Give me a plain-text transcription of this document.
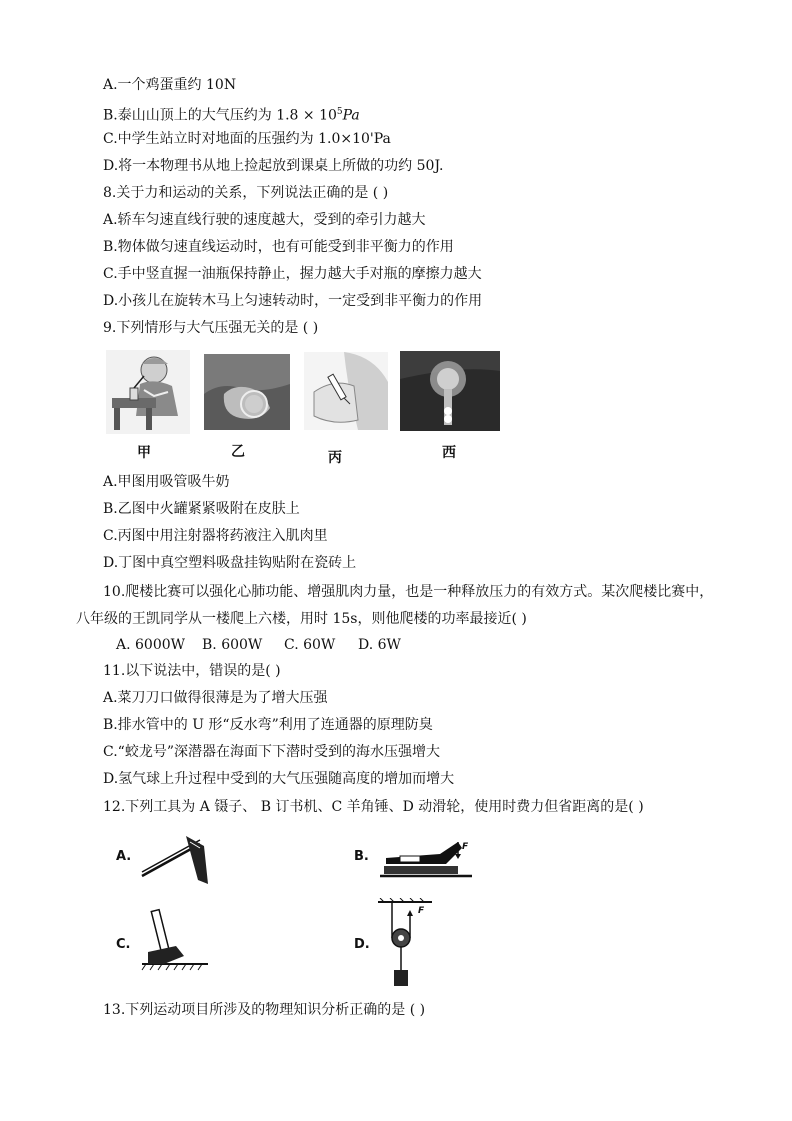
A.一个鸡蛋重约 10N
B.泰山山顶上的大气压约为 $1.8 \times 10^5Pa$
C.中学生站立时对地面的压强约为 1.0×10'Pa
D.将一本物理书从地上捡起放到课桌上所做的功约 50J.
8.关于力和运动的关系，下列说法正确的是 ( )
A.轿车匀速直线行驶的速度越大，受到的牵引力越大
B.物体做匀速直线运动时，也有可能受到非平衡力的作用
C.手中竖直握一油瓶保持静止，握力越大手对瓶的摩擦力越大
D.小孩儿在旋转木马上匀速转动时，一定受到非平衡力的作用
9.下列情形与大气压强无关的是 ( )
甲	乙	丙	西
A.甲图用吸管吸牛奶
B.乙图中火罐紧紧吸附在皮肤上
C.丙图中用注射器将药液注入肌肉里
D.丁图中真空塑料吸盘挂钩贴附在瓷砖上
10.爬楼比赛可以强化心肺功能、增强肌肉力量，也是一种释放压力的有效方式。某次爬楼比赛中，
八年级的王凯同学从一楼爬上六楼，用时 15s，则他爬楼的功率最接近( )
A. 6000W B. 600W C. 60W D. 6W
11.以下说法中，错误的是( )
A.菜刀刀口做得很薄是为了增大压强
B.排水管中的 U 形“反水弯”利用了连通器的原理防臭
C.“蛟龙号”深潜器在海面下下潜时受到的海水压强增大
D.氢气球上升过程中受到的大气压强随高度的增加而增大
12.下列工具为 A 镊子、 B 订书机、C 羊角锤、D 动滑轮，使用时费力但省距离的是( )
A.	B.
F
C.	D.
F
13.下列运动项目所涉及的物理知识分析正确的是 ( )
